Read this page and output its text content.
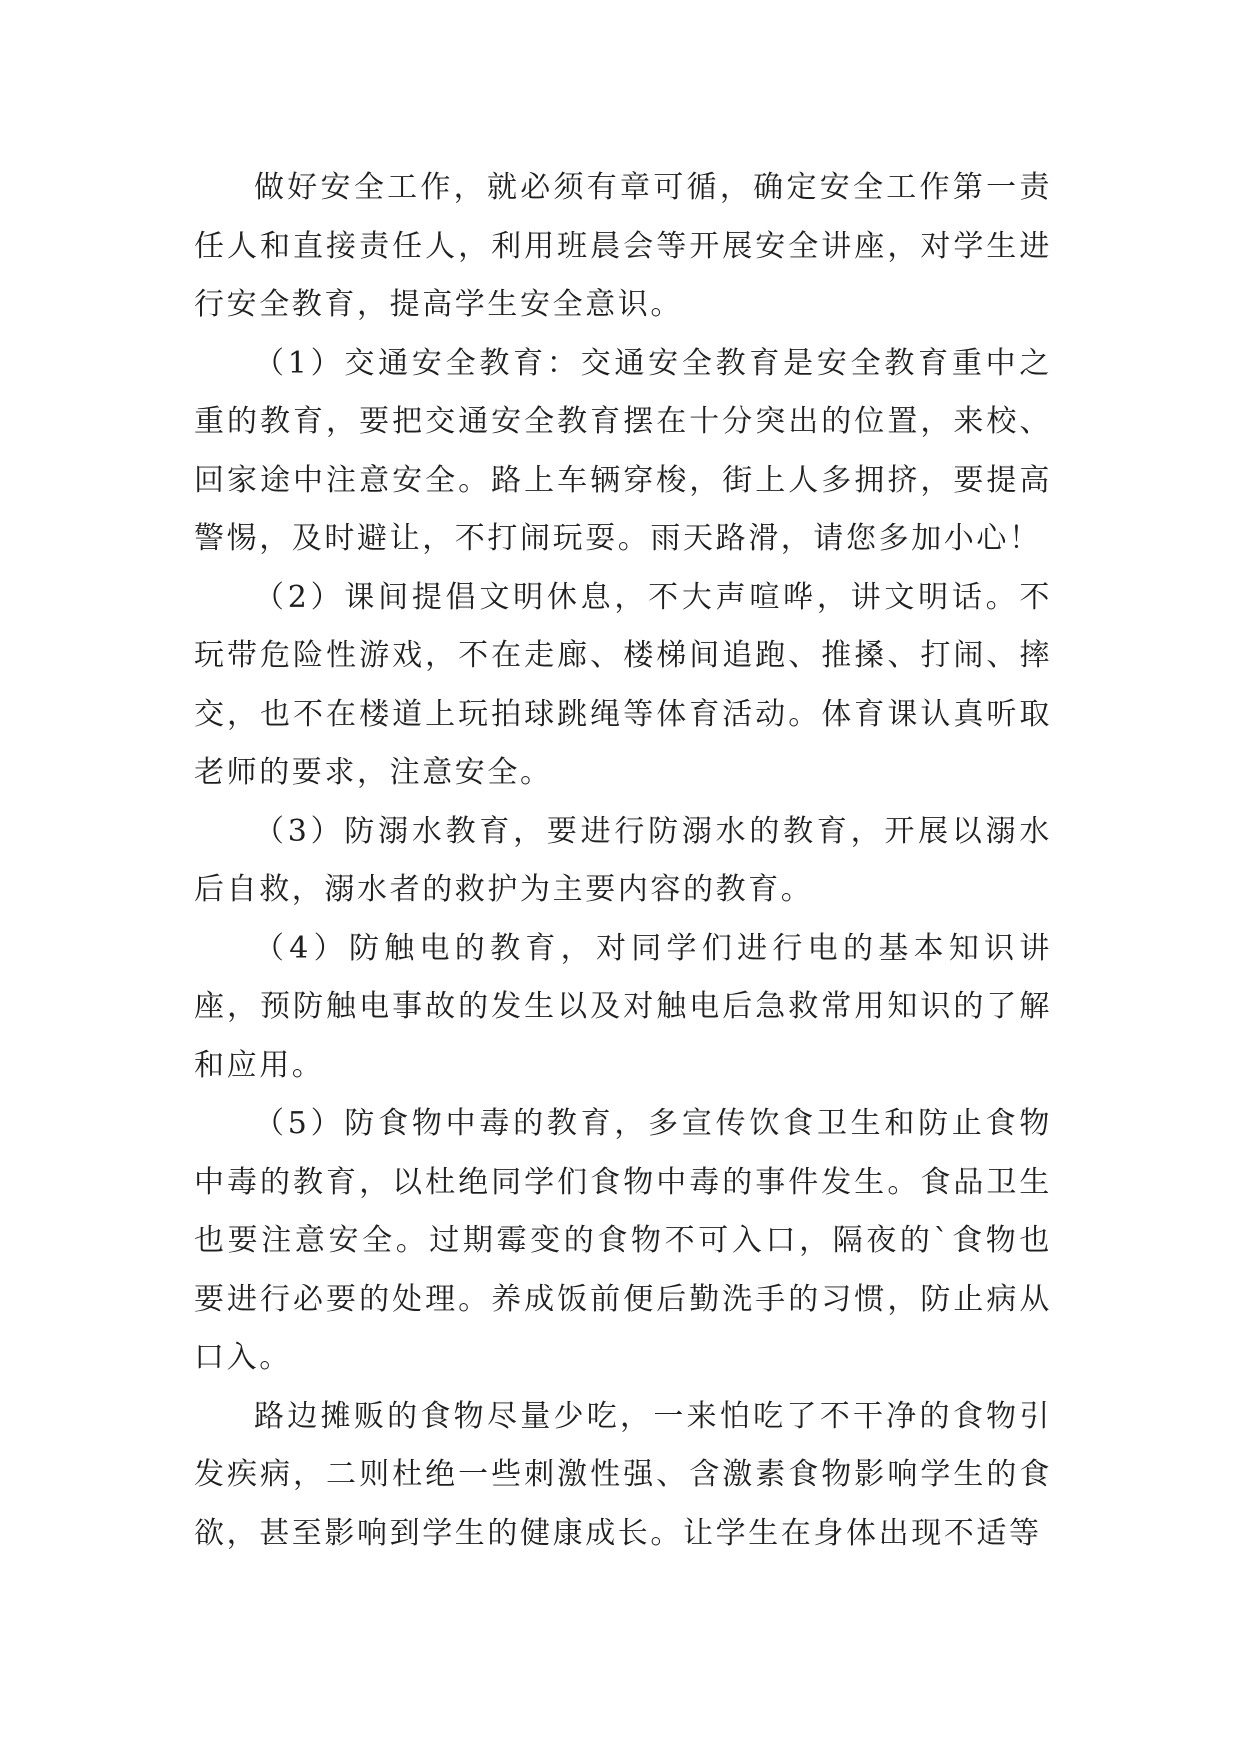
做好安全工作，就必须有章可循，确定安全工作第一责任人和直接责任人，利用班晨会等开展安全讲座，对学生进行安全教育，提高学生安全意识。

（1）交通安全教育：交通安全教育是安全教育重中之重的教育，要把交通安全教育摆在十分突出的位置，来校、回家途中注意安全。路上车辆穿梭，街上人多拥挤，要提高警惕，及时避让，不打闹玩耍。雨天路滑，请您多加小心！

（2）课间提倡文明休息，不大声喧哗，讲文明话。不玩带危险性游戏，不在走廊、楼梯间追跑、推搡、打闹、摔交，也不在楼道上玩拍球跳绳等体育活动。体育课认真听取老师的要求，注意安全。

（3）防溺水教育，要进行防溺水的教育，开展以溺水后自救，溺水者的救护为主要内容的教育。

（4）防触电的教育，对同学们进行电的基本知识讲座，预防触电事故的发生以及对触电后急救常用知识的了解和应用。

（5）防食物中毒的教育，多宣传饮食卫生和防止食物中毒的教育，以杜绝同学们食物中毒的事件发生。食品卫生也要注意安全。过期霉变的食物不可入口，隔夜的`食物也要进行必要的处理。养成饭前便后勤洗手的习惯，防止病从口入。

路边摊贩的食物尽量少吃，一来怕吃了不干净的食物引发疾病，二则杜绝一些刺激性强、含激素食物影响学生的食欲，甚至影响到学生的健康成长。让学生在身体出现不适等
